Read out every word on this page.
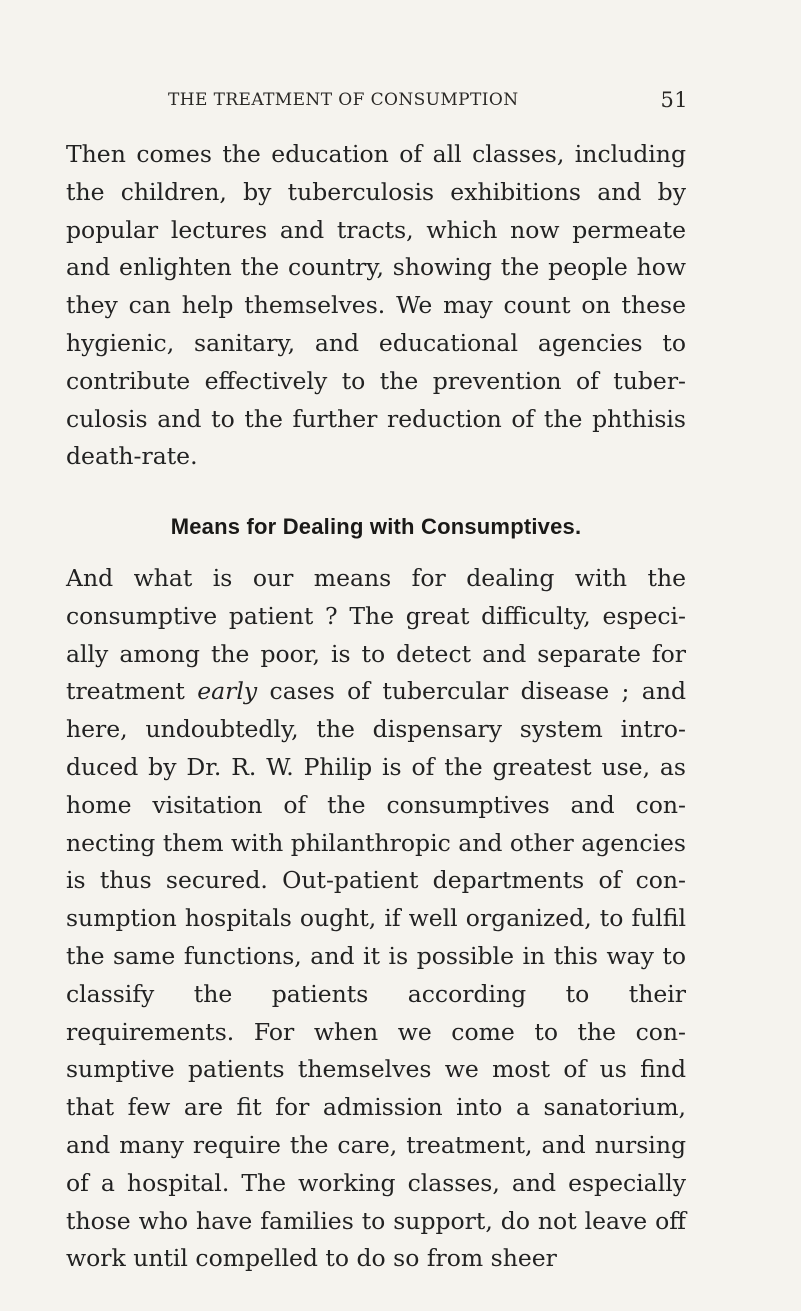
THE TREATMENT OF CONSUMPTION	51

Then comes the education of all classes, including the children, by tuberculosis exhibitions and by popular lectures and tracts, which now permeate and enlighten the country, showing the people how they can help themselves. We may count on these hygienic, sanitary, and educational agencies to contribute effectively to the prevention of tuber- culosis and to the further reduction of the phthisis death-rate.

Means for Dealing with Consumptives.

And what is our means for dealing with the consumptive patient ? The great difficulty, especi- ally among the poor, is to detect and separate for treatment early cases of tubercular disease ; and here, undoubtedly, the dispensary system intro- duced by Dr. R. W. Philip is of the greatest use, as home visitation of the consumptives and con- necting them with philanthropic and other agencies is thus secured. Out-patient departments of con- sumption hospitals ought, if well organized, to fulfil the same functions, and it is possible in this way to classify the patients according to their requirements. For when we come to the con- sumptive patients themselves we most of us find that few are fit for admission into a sanatorium, and many require the care, treatment, and nursing of a hospital. The working classes, and especially those who have families to support, do not leave off work until compelled to do so from sheer
